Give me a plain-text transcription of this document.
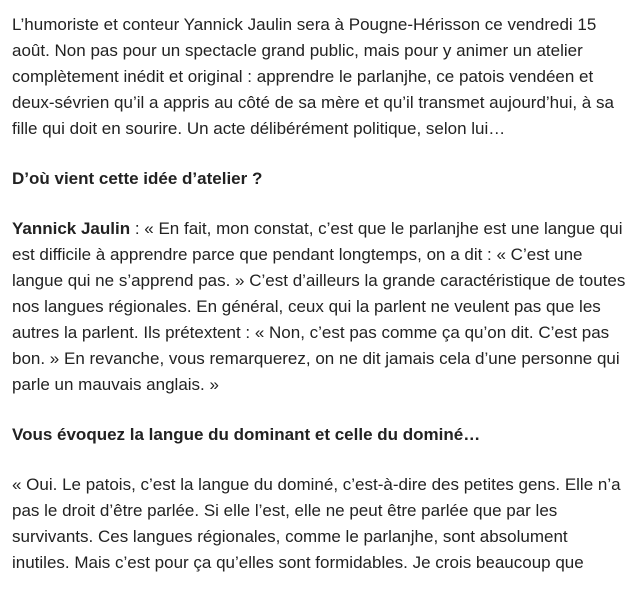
L’humoriste et conteur Yannick Jaulin sera à Pougne-Hérisson ce vendredi 15 août. Non pas pour un spectacle grand public, mais pour y animer un atelier complètement inédit et original : apprendre le parlanjhe, ce patois vendéen et deux-sévrien qu’il a appris au côté de sa mère et qu’il transmet aujourd’hui, à sa fille qui doit en sourire. Un acte délibérément politique, selon lui…

D’où vient cette idée d’atelier ?

Yannick Jaulin : « En fait, mon constat, c’est que le parlanjhe est une langue qui est difficile à apprendre parce que pendant longtemps, on a dit : « C’est une langue qui ne s’apprend pas. » C’est d’ailleurs la grande caractéristique de toutes nos langues régionales. En général, ceux qui la parlent ne veulent pas que les autres la parlent. Ils prétextent : « Non, c’est pas comme ça qu’on dit. C’est pas bon. » En revanche, vous remarquerez, on ne dit jamais cela d’une personne qui parle un mauvais anglais. »

Vous évoquez la langue du dominant et celle du dominé…

« Oui. Le patois, c’est la langue du dominé, c’est-à-dire des petites gens. Elle n’a pas le droit d’être parlée. Si elle l’est, elle ne peut être parlée que par les survivants. Ces langues régionales, comme le parlanjhe, sont absolument inutiles. Mais c’est pour ça qu’elles sont formidables. Je crois beaucoup que
